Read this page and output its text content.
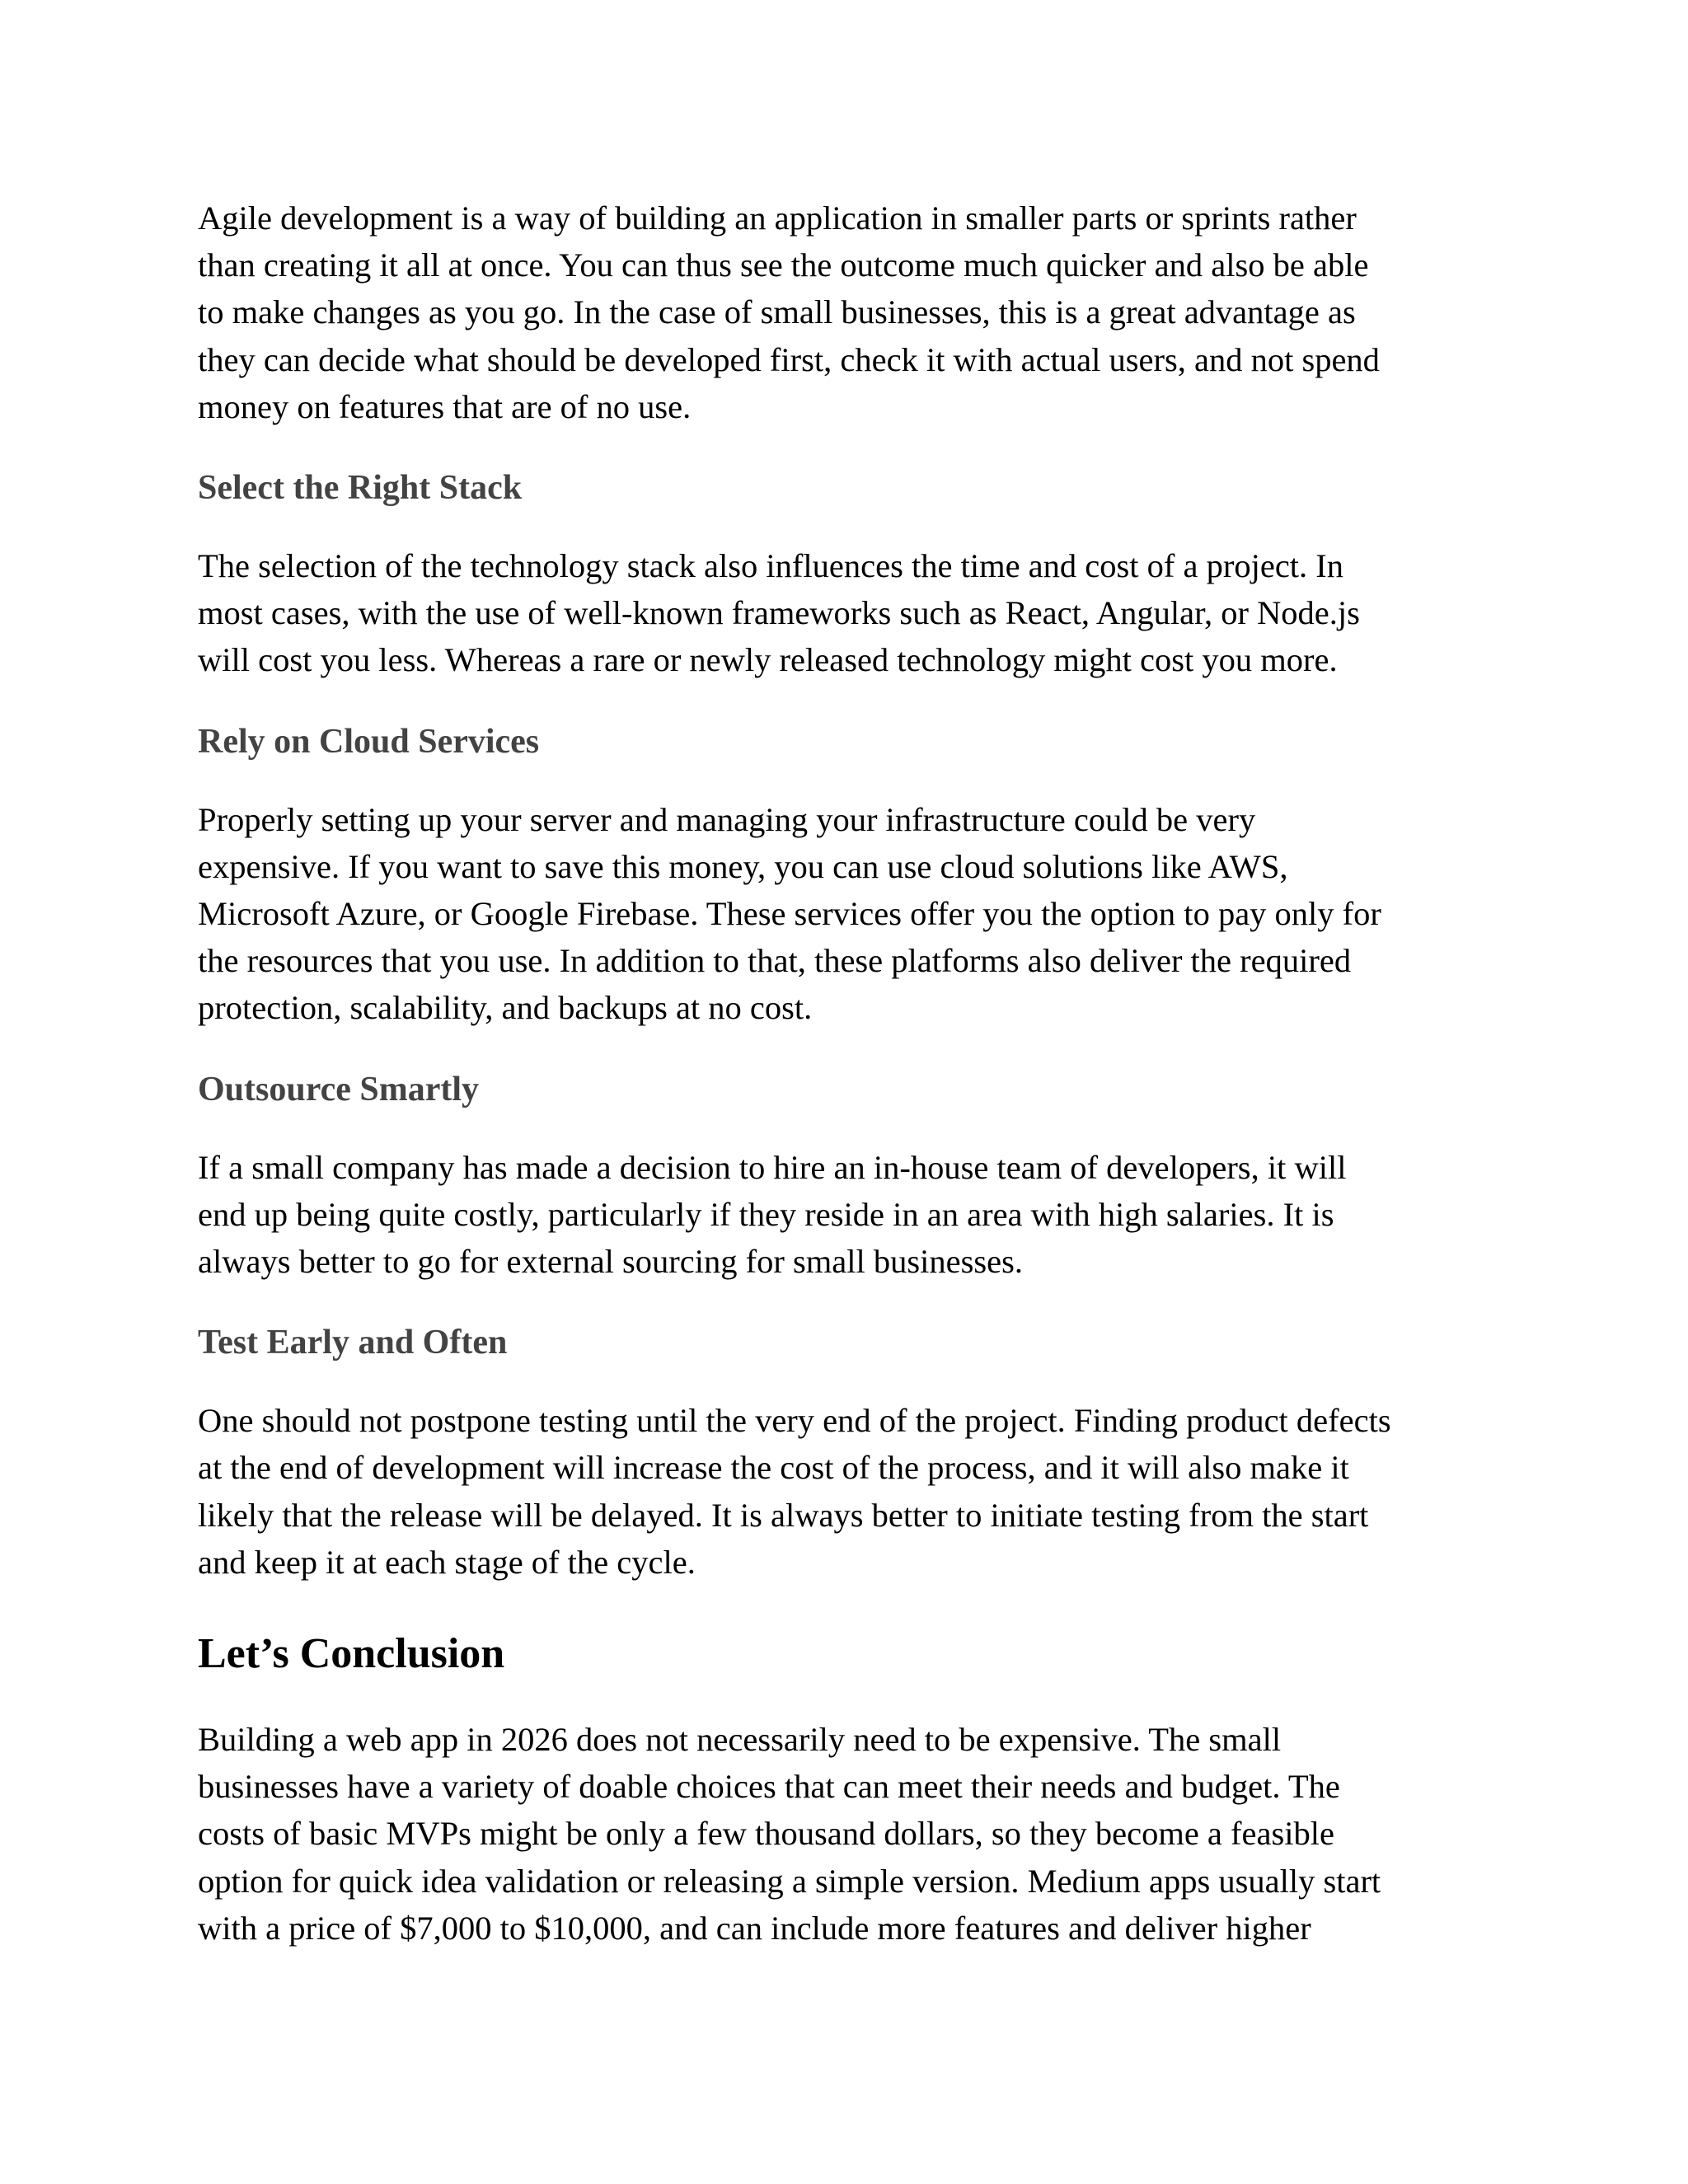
Agile development is a way of building an application in smaller parts or sprints rather
than creating it all at once. You can thus see the outcome much quicker and also be able
to make changes as you go. In the case of small businesses, this is a great advantage as
they can decide what should be developed first, check it with actual users, and not spend
money on features that are of no use.

Select the Right Stack

The selection of the technology stack also influences the time and cost of a project. In
most cases, with the use of well-known frameworks such as React, Angular, or Node.js
will cost you less. Whereas a rare or newly released technology might cost you more.

Rely on Cloud Services

Properly setting up your server and managing your infrastructure could be very
expensive. If you want to save this money, you can use cloud solutions like AWS,
Microsoft Azure, or Google Firebase. These services offer you the option to pay only for
the resources that you use. In addition to that, these platforms also deliver the required
protection, scalability, and backups at no cost.

Outsource Smartly

If a small company has made a decision to hire an in-house team of developers, it will
end up being quite costly, particularly if they reside in an area with high salaries. It is
always better to go for external sourcing for small businesses.

Test Early and Often

One should not postpone testing until the very end of the project. Finding product defects
at the end of development will increase the cost of the process, and it will also make it
likely that the release will be delayed. It is always better to initiate testing from the start
and keep it at each stage of the cycle.

Let’s Conclusion

Building a web app in 2026 does not necessarily need to be expensive. The small
businesses have a variety of doable choices that can meet their needs and budget. The
costs of basic MVPs might be only a few thousand dollars, so they become a feasible
option for quick idea validation or releasing a simple version. Medium apps usually start
with a price of $7,000 to $10,000, and can include more features and deliver higher
